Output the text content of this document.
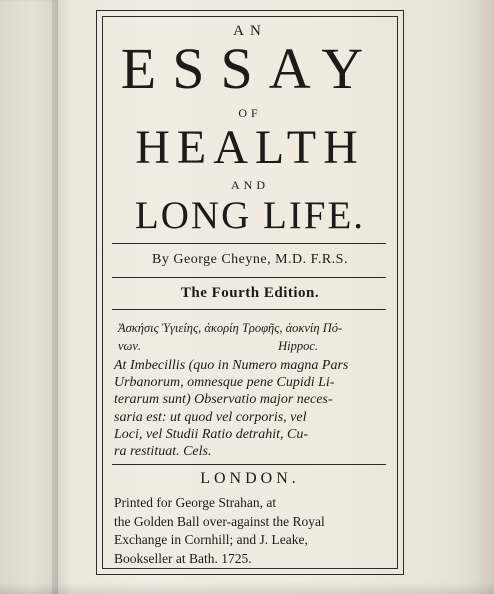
AN
ESSAY
OF
HEALTH
AND
LONG LIFE.
By George Cheyne, M.D. F.R.S.
The Fourth Edition.
Ἀσκήσις Ὑγιείης, ἀκορίη Τροφῆς, ἀοκνίη Πό-
νων.	Hippoc.
At Imbecillis (quo in Numero magna Pars
Urbanorum, omnesque pene Cupidi Li-
terarum sunt) Observatio major neces-
saria est: ut quod vel corporis, vel
Loci, vel Studii Ratio detrahit, Cu-
ra restituat. Cels.
LONDON.
Printed for George Strahan, at
the Golden Ball over-against the Royal
Exchange in Cornhill; and J. Leake,
Bookseller at Bath. 1725.
